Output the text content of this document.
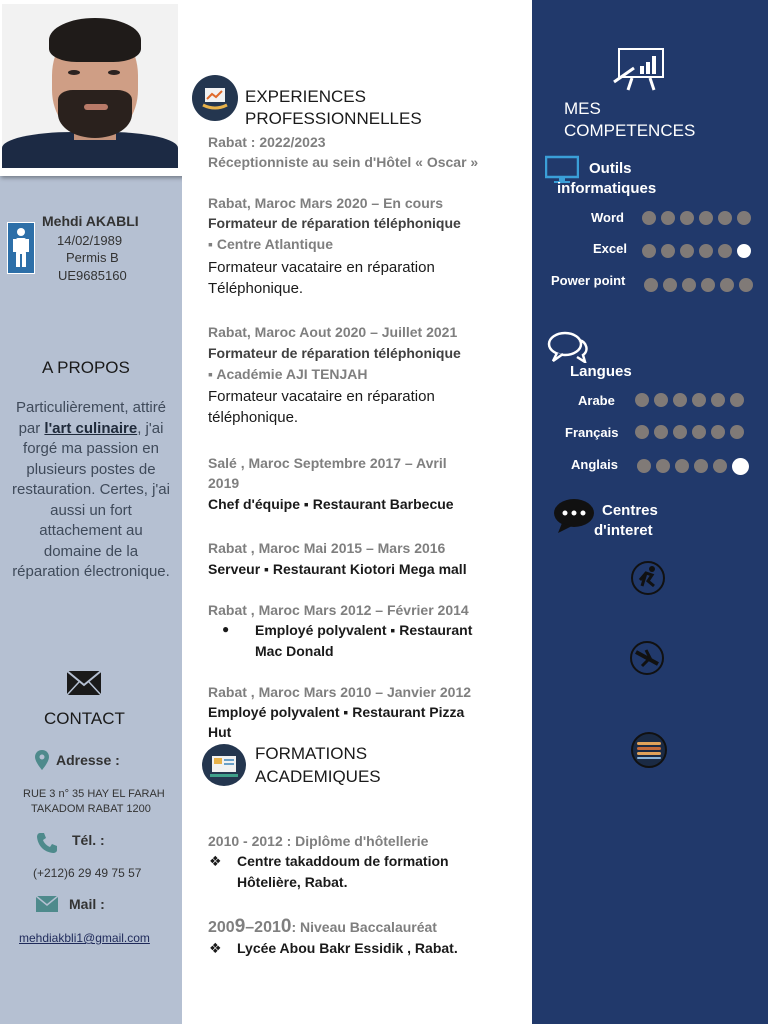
Mehdi AKABLI
14/02/1989
Permis B
UE9685160
A PROPOS
Particulièrement, attiré par l'art culinaire, j'ai forgé ma passion en plusieurs postes de restauration. Certes, j'ai aussi un fort attachement au domaine de la réparation électronique.
CONTACT
Adresse :
RUE 3 n° 35 HAY EL FARAH
TAKADOM RABAT 1200
Tél. :
(+212)6 29 49 75 57
Mail :
mehdiakbli1@gmail.com
EXPERIENCES
PROFESSIONNELLES
Rabat : 2022/2023
Réceptionniste au sein d'Hôtel « Oscar »
Rabat, Maroc Mars 2020 – En cours
Formateur de réparation téléphonique
▪ Centre Atlantique
Formateur vacataire en réparation
Téléphonique.
Rabat, Maroc Aout 2020 – Juillet 2021
Formateur de réparation téléphonique
▪ Académie AJI TENJAH
Formateur vacataire en réparation
téléphonique.
Salé , Maroc Septembre 2017 – Avril
2019
Chef d'équipe ▪ Restaurant Barbecue
Rabat , Maroc Mai 2015 – Mars 2016
Serveur ▪ Restaurant Kiotori Mega mall
Rabat , Maroc Mars 2012 – Février 2014
● Employé polyvalent ▪ Restaurant
Mac Donald
Rabat , Maroc Mars 2010 – Janvier 2012
Employé polyvalent ▪ Restaurant Pizza
Hut
FORMATIONS
ACADEMIQUES
2010 - 2012 : Diplôme d'hôtellerie
❖ Centre takaddoum de formation
Hôtelière, Rabat.
2009–2010: Niveau Baccalauréat
❖ Lycée Abou Bakr Essidik , Rabat.
MES
COMPETENCES
Outils
informatiques
Word
Excel
Power point
Langues
Arabe
Français
Anglais
Centres
d'interet
